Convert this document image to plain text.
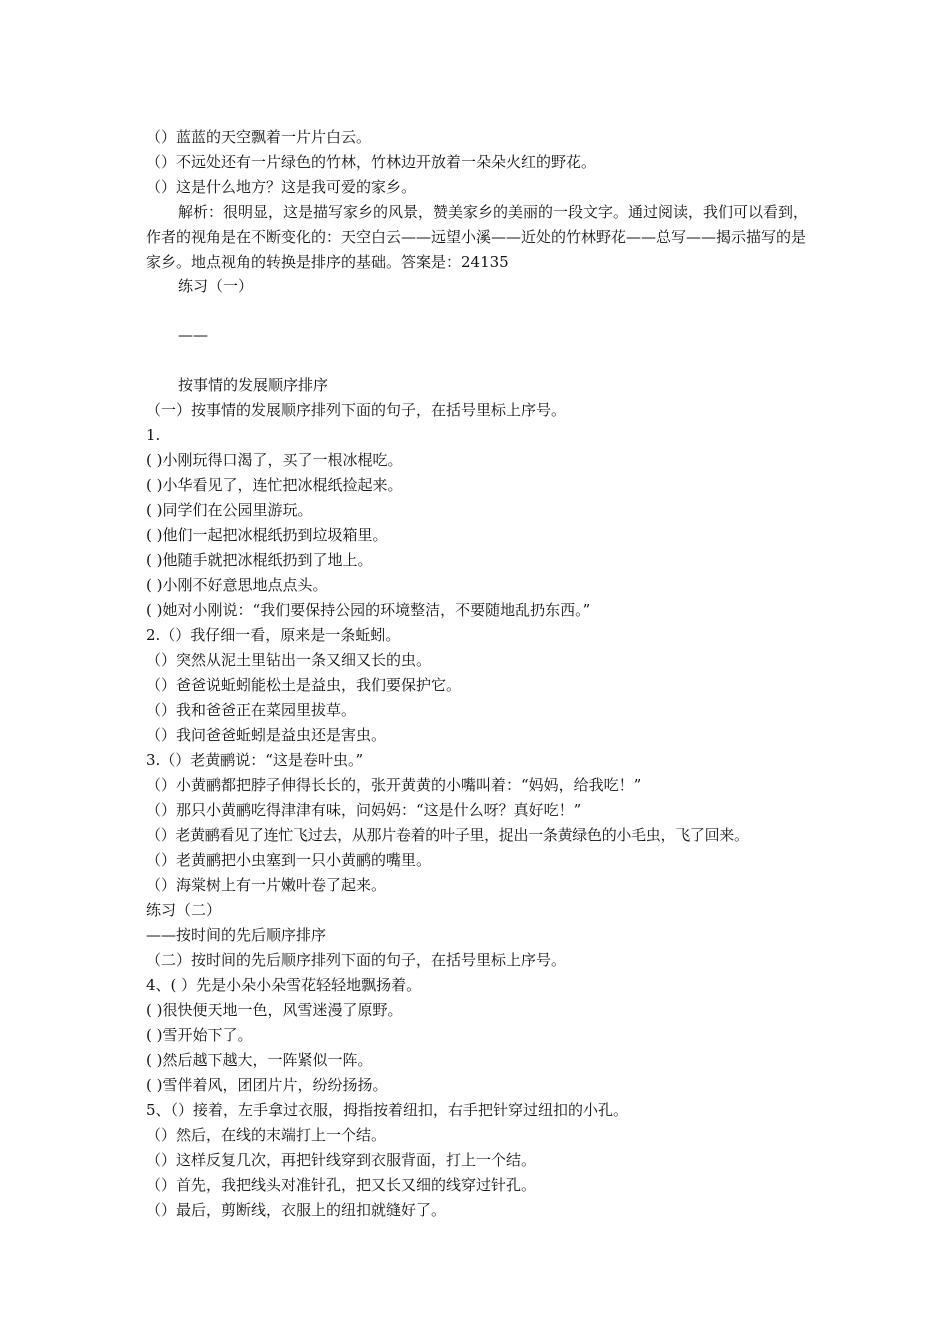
（）蓝蓝的天空飘着一片片白云。
（）不远处还有一片绿色的竹林，竹林边开放着一朵朵火红的野花。
（）这是什么地方？这是我可爱的家乡。
解析：很明显，这是描写家乡的风景，赞美家乡的美丽的一段文字。通过阅读，我们可以看到，作者的视角是在不断变化的：天空白云——远望小溪——近处的竹林野花——总写——揭示描写的是家乡。地点视角的转换是排序的基础。答案是：24135
练习（一）
——
按事情的发展顺序排序
（一）按事情的发展顺序排列下面的句子，在括号里标上序号。
1.
( )小刚玩得口渴了，买了一根冰棍吃。
( )小华看见了，连忙把冰棍纸捡起来。
( )同学们在公园里游玩。
( )他们一起把冰棍纸扔到垃圾箱里。
( )他随手就把冰棍纸扔到了地上。
( )小刚不好意思地点点头。
( )她对小刚说：“我们要保持公园的环境整洁，不要随地乱扔东西。”
2.（）我仔细一看，原来是一条蚯蚓。
（）突然从泥土里钻出一条又细又长的虫。
（）爸爸说蚯蚓能松土是益虫，我们要保护它。
（）我和爸爸正在菜园里拔草。
（）我问爸爸蚯蚓是益虫还是害虫。
3.（）老黄鹂说：“这是卷叶虫。”
（）小黄鹂都把脖子伸得长长的，张开黄黄的小嘴叫着：“妈妈，给我吃！”
（）那只小黄鹂吃得津津有味，问妈妈：“这是什么呀？真好吃！”
（）老黄鹂看见了连忙飞过去，从那片卷着的叶子里，捉出一条黄绿色的小毛虫，飞了回来。
（）老黄鹂把小虫塞到一只小黄鹂的嘴里。
（）海棠树上有一片嫩叶卷了起来。
练习（二）
——按时间的先后顺序排序
（二）按时间的先后顺序排列下面的句子，在括号里标上序号。
4、( ）先是小朵小朵雪花轻轻地飘扬着。
( )很快便天地一色，风雪迷漫了原野。
( )雪开始下了。
( )然后越下越大，一阵紧似一阵。
( )雪伴着风，团团片片，纷纷扬扬。
5、（）接着，左手拿过衣服，拇指按着纽扣，右手把针穿过纽扣的小孔。
（）然后，在线的末端打上一个结。
（）这样反复几次，再把针线穿到衣服背面，打上一个结。
（）首先，我把线头对准针孔，把又长又细的线穿过针孔。
（）最后，剪断线，衣服上的纽扣就缝好了。
